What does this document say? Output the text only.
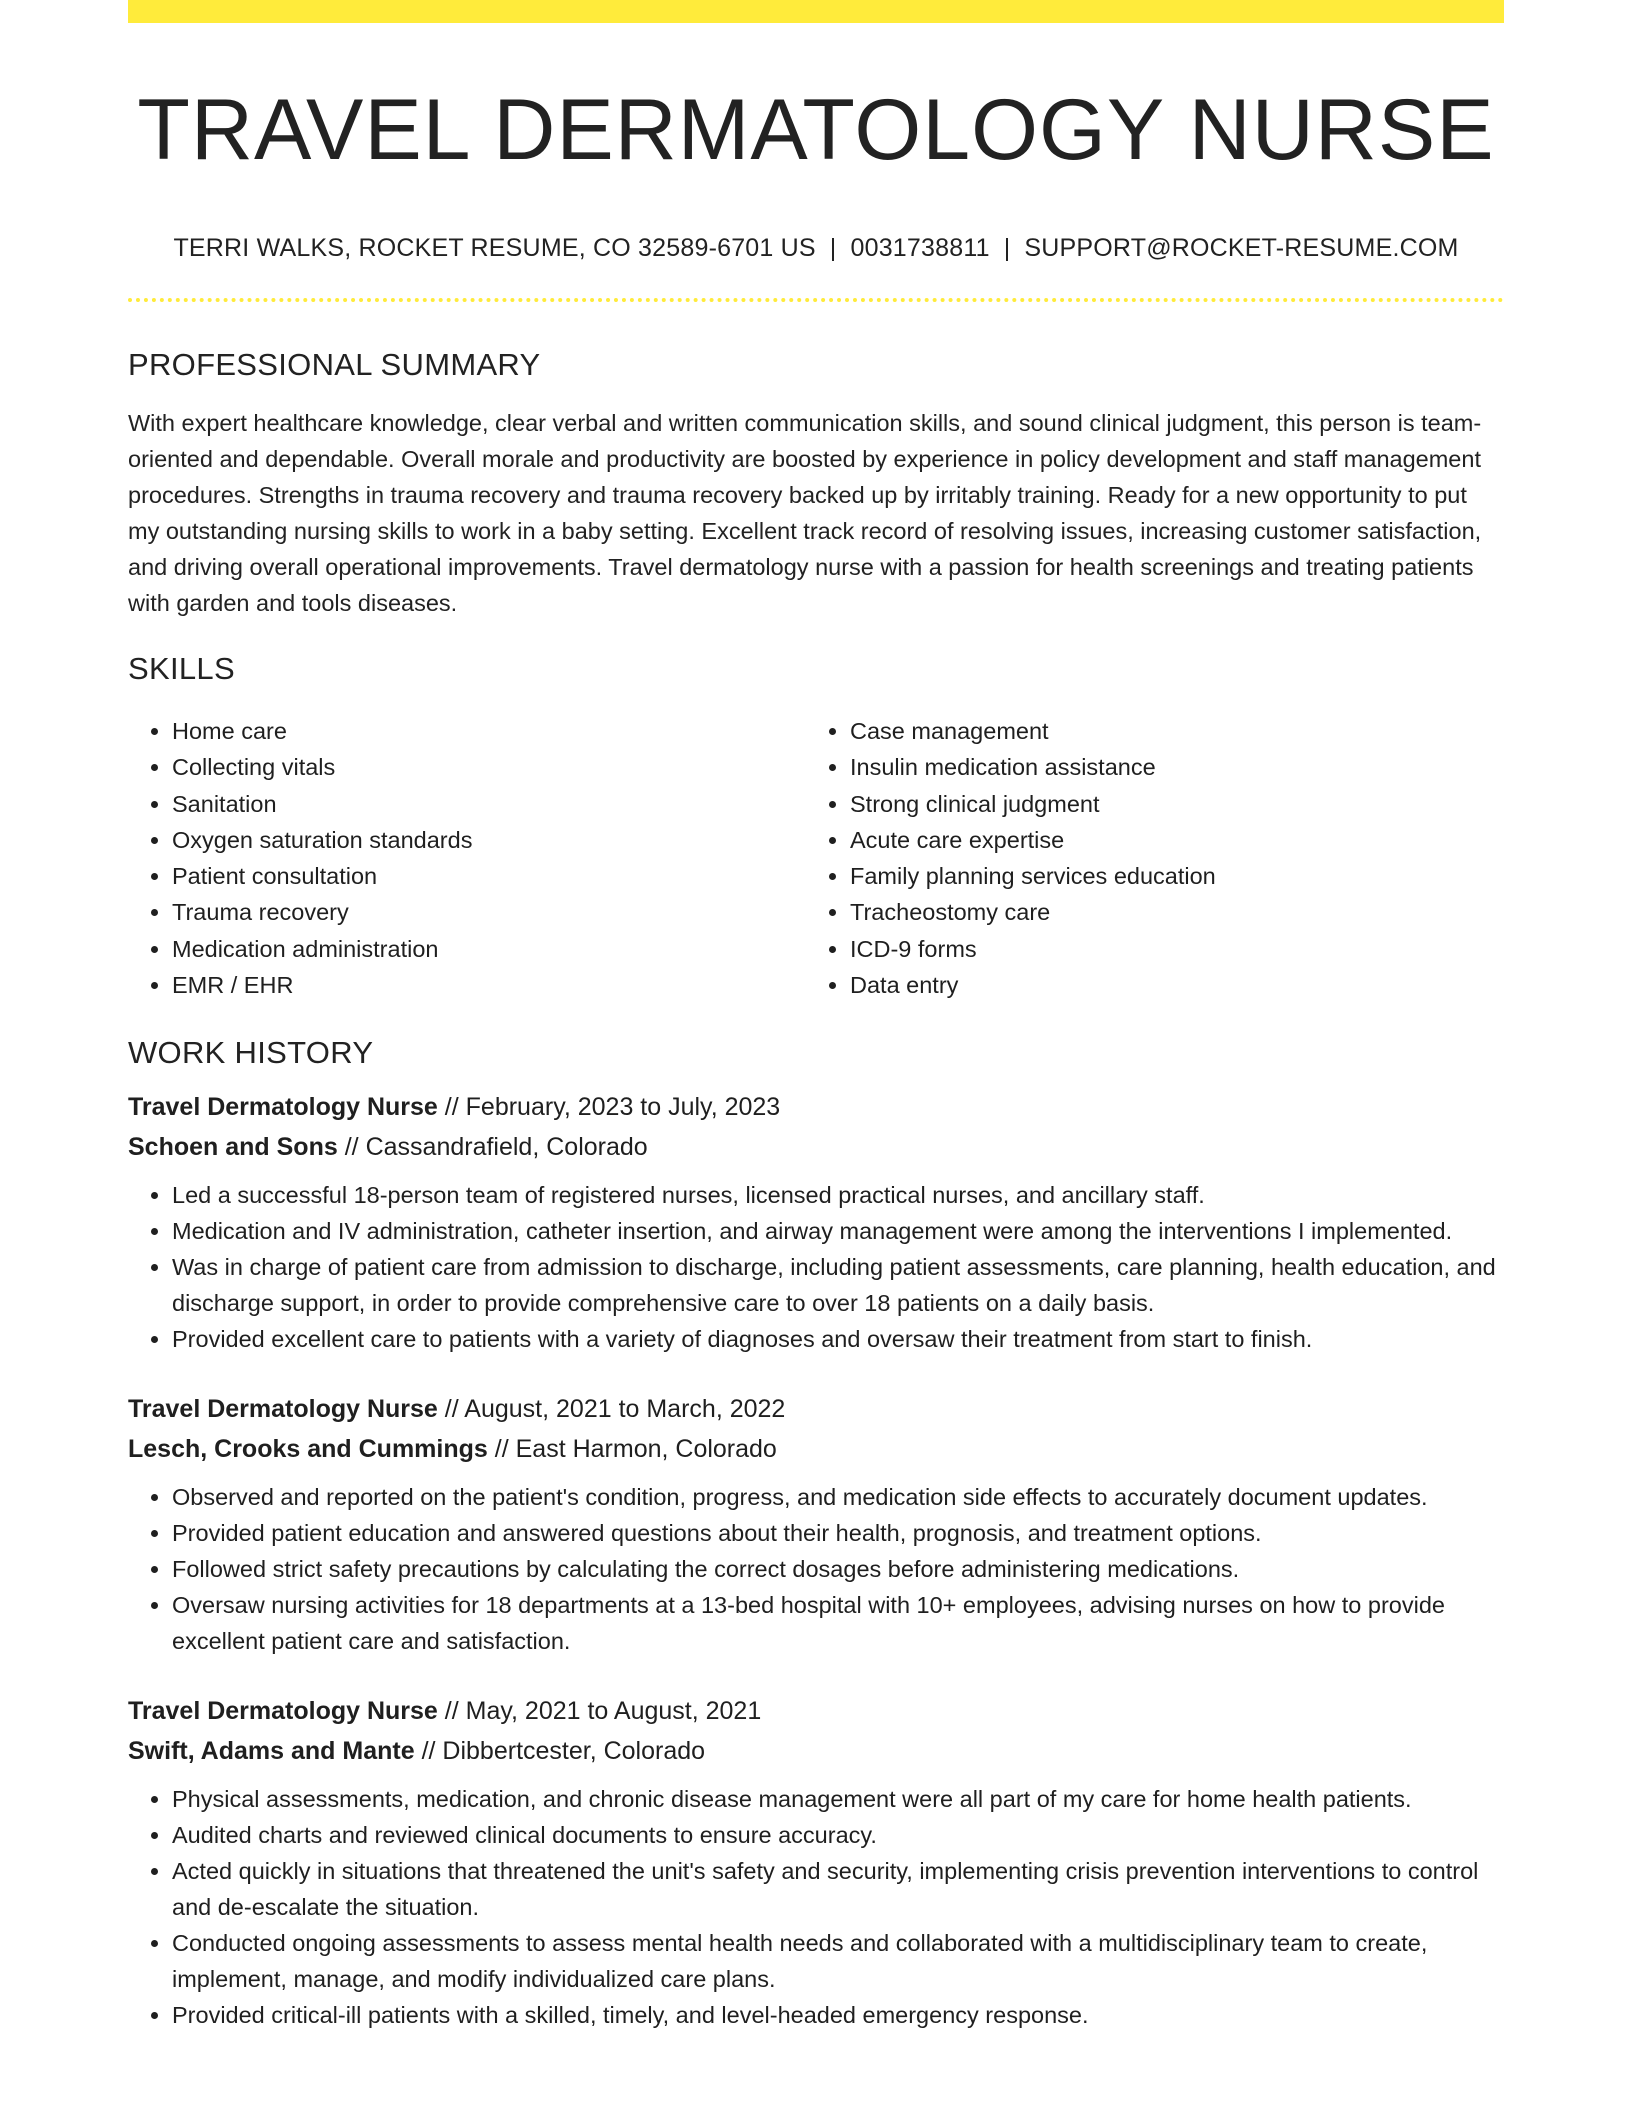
TRAVEL DERMATOLOGY NURSE
TERRI WALKS, ROCKET RESUME, CO 32589-6701 US | 0031738811 | SUPPORT@ROCKET-RESUME.COM
PROFESSIONAL SUMMARY
With expert healthcare knowledge, clear verbal and written communication skills, and sound clinical judgment, this person is team-oriented and dependable. Overall morale and productivity are boosted by experience in policy development and staff management procedures. Strengths in trauma recovery and trauma recovery backed up by irritably training. Ready for a new opportunity to put my outstanding nursing skills to work in a baby setting. Excellent track record of resolving issues, increasing customer satisfaction, and driving overall operational improvements. Travel dermatology nurse with a passion for health screenings and treating patients with garden and tools diseases.
SKILLS
• Home care
• Collecting vitals
• Sanitation
• Oxygen saturation standards
• Patient consultation
• Trauma recovery
• Medication administration
• EMR / EHR
• Case management
• Insulin medication assistance
• Strong clinical judgment
• Acute care expertise
• Family planning services education
• Tracheostomy care
• ICD-9 forms
• Data entry
WORK HISTORY
Travel Dermatology Nurse // February, 2023 to July, 2023
Schoen and Sons // Cassandrafield, Colorado
• Led a successful 18-person team of registered nurses, licensed practical nurses, and ancillary staff.
• Medication and IV administration, catheter insertion, and airway management were among the interventions I implemented.
• Was in charge of patient care from admission to discharge, including patient assessments, care planning, health education, and discharge support, in order to provide comprehensive care to over 18 patients on a daily basis.
• Provided excellent care to patients with a variety of diagnoses and oversaw their treatment from start to finish.
Travel Dermatology Nurse // August, 2021 to March, 2022
Lesch, Crooks and Cummings // East Harmon, Colorado
• Observed and reported on the patient's condition, progress, and medication side effects to accurately document updates.
• Provided patient education and answered questions about their health, prognosis, and treatment options.
• Followed strict safety precautions by calculating the correct dosages before administering medications.
• Oversaw nursing activities for 18 departments at a 13-bed hospital with 10+ employees, advising nurses on how to provide excellent patient care and satisfaction.
Travel Dermatology Nurse // May, 2021 to August, 2021
Swift, Adams and Mante // Dibbertcester, Colorado
• Physical assessments, medication, and chronic disease management were all part of my care for home health patients.
• Audited charts and reviewed clinical documents to ensure accuracy.
• Acted quickly in situations that threatened the unit's safety and security, implementing crisis prevention interventions to control and de-escalate the situation.
• Conducted ongoing assessments to assess mental health needs and collaborated with a multidisciplinary team to create, implement, manage, and modify individualized care plans.
• Provided critical-ill patients with a skilled, timely, and level-headed emergency response.
